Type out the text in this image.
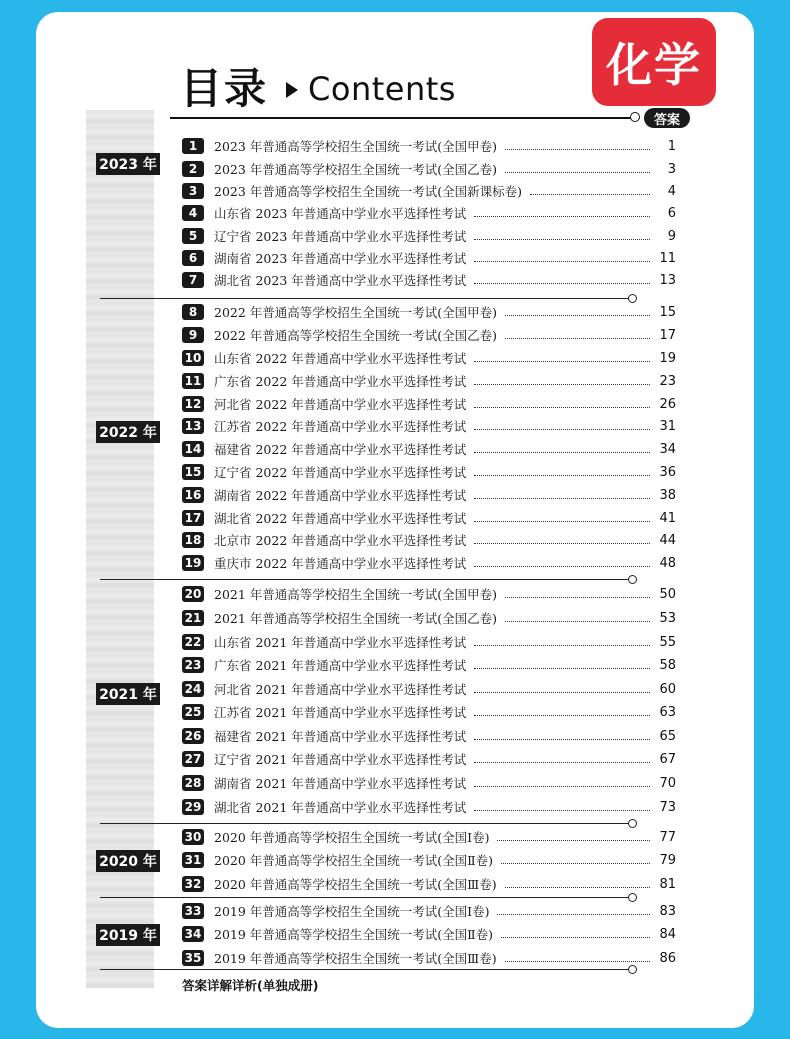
目录 Contents	化学
答案
2023 年
2022 年
2021 年
2020 年
2019 年
1	2023 年普通高等学校招生全国统一考试(全国甲卷)	1
2	2023 年普通高等学校招生全国统一考试(全国乙卷)	3
3	2023 年普通高等学校招生全国统一考试(全国新课标卷)	4
4	山东省 2023 年普通高中学业水平选择性考试	6
5	辽宁省 2023 年普通高中学业水平选择性考试	9
6	湖南省 2023 年普通高中学业水平选择性考试	11
7	湖北省 2023 年普通高中学业水平选择性考试	13
8	2022 年普通高等学校招生全国统一考试(全国甲卷)	15
9	2022 年普通高等学校招生全国统一考试(全国乙卷)	17
10 山东省 2022 年普通高中学业水平选择性考试	19
11 广东省 2022 年普通高中学业水平选择性考试	23
12 河北省 2022 年普通高中学业水平选择性考试	26
13 江苏省 2022 年普通高中学业水平选择性考试	31
14 福建省 2022 年普通高中学业水平选择性考试	34
15 辽宁省 2022 年普通高中学业水平选择性考试	36
16 湖南省 2022 年普通高中学业水平选择性考试	38
17 湖北省 2022 年普通高中学业水平选择性考试	41
18 北京市 2022 年普通高中学业水平选择性考试	44
19 重庆市 2022 年普通高中学业水平选择性考试	48
20 2021 年普通高等学校招生全国统一考试(全国甲卷)	50
21 2021 年普通高等学校招生全国统一考试(全国乙卷)	53
22 山东省 2021 年普通高中学业水平选择性考试	55
23 广东省 2021 年普通高中学业水平选择性考试	58
24 河北省 2021 年普通高中学业水平选择性考试	60
25 江苏省 2021 年普通高中学业水平选择性考试	63
26 福建省 2021 年普通高中学业水平选择性考试	65
27 辽宁省 2021 年普通高中学业水平选择性考试	67
28 湖南省 2021 年普通高中学业水平选择性考试	70
29 湖北省 2021 年普通高中学业水平选择性考试	73
30 2020 年普通高等学校招生全国统一考试(全国Ⅰ卷)	77
31 2020 年普通高等学校招生全国统一考试(全国Ⅱ卷)	79
32 2020 年普通高等学校招生全国统一考试(全国Ⅲ卷)	81
33 2019 年普通高等学校招生全国统一考试(全国Ⅰ卷)	83
34 2019 年普通高等学校招生全国统一考试(全国Ⅱ卷)	84
35 2019 年普通高等学校招生全国统一考试(全国Ⅲ卷)	86
答案详解详析(单独成册)
